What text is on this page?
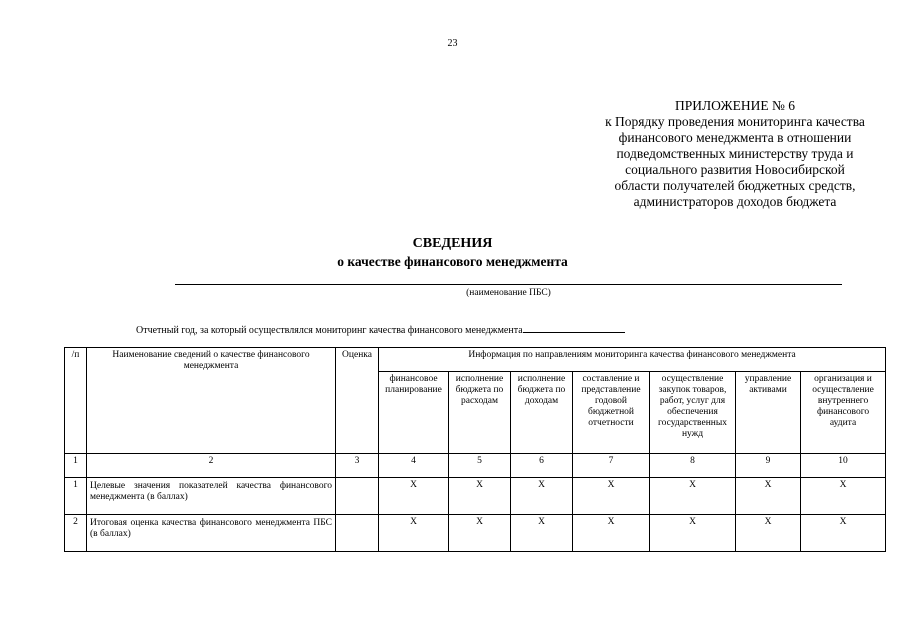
23
ПРИЛОЖЕНИЕ № 6
к Порядку проведения мониторинга качества
финансового менеджмента в отношении
подведомственных министерству труда и
социального развития Новосибирской
области получателей бюджетных средств,
администраторов доходов бюджета
СВЕДЕНИЯ
о качестве финансового менеджмента
(наименование ПБС)
Отчетный год, за который осуществлялся мониторинг качества финансового менеджмента
/п	Наименование сведений о качестве финансового менеджмента	Оценка	Информация по направлениям мониторинга качества финансового менеджмента						
			финансовое планирование	исполнение бюджета по расходам	исполнение бюджета по доходам	составление и представление годовой бюджетной отчетности	осуществление закупок товаров, работ, услуг для обеспечения государственных нужд	управление активами	организация и осуществление внутреннего финансового аудита
1	2	3	4	5	6	7	8	9	10
1	Целевые значения показателей качества финансового менеджмента (в баллах)		X	X	X	X	X	X	X
2	Итоговая оценка качества финансового менеджмента ПБС (в баллах)		X	X	X	X	X	X	X
